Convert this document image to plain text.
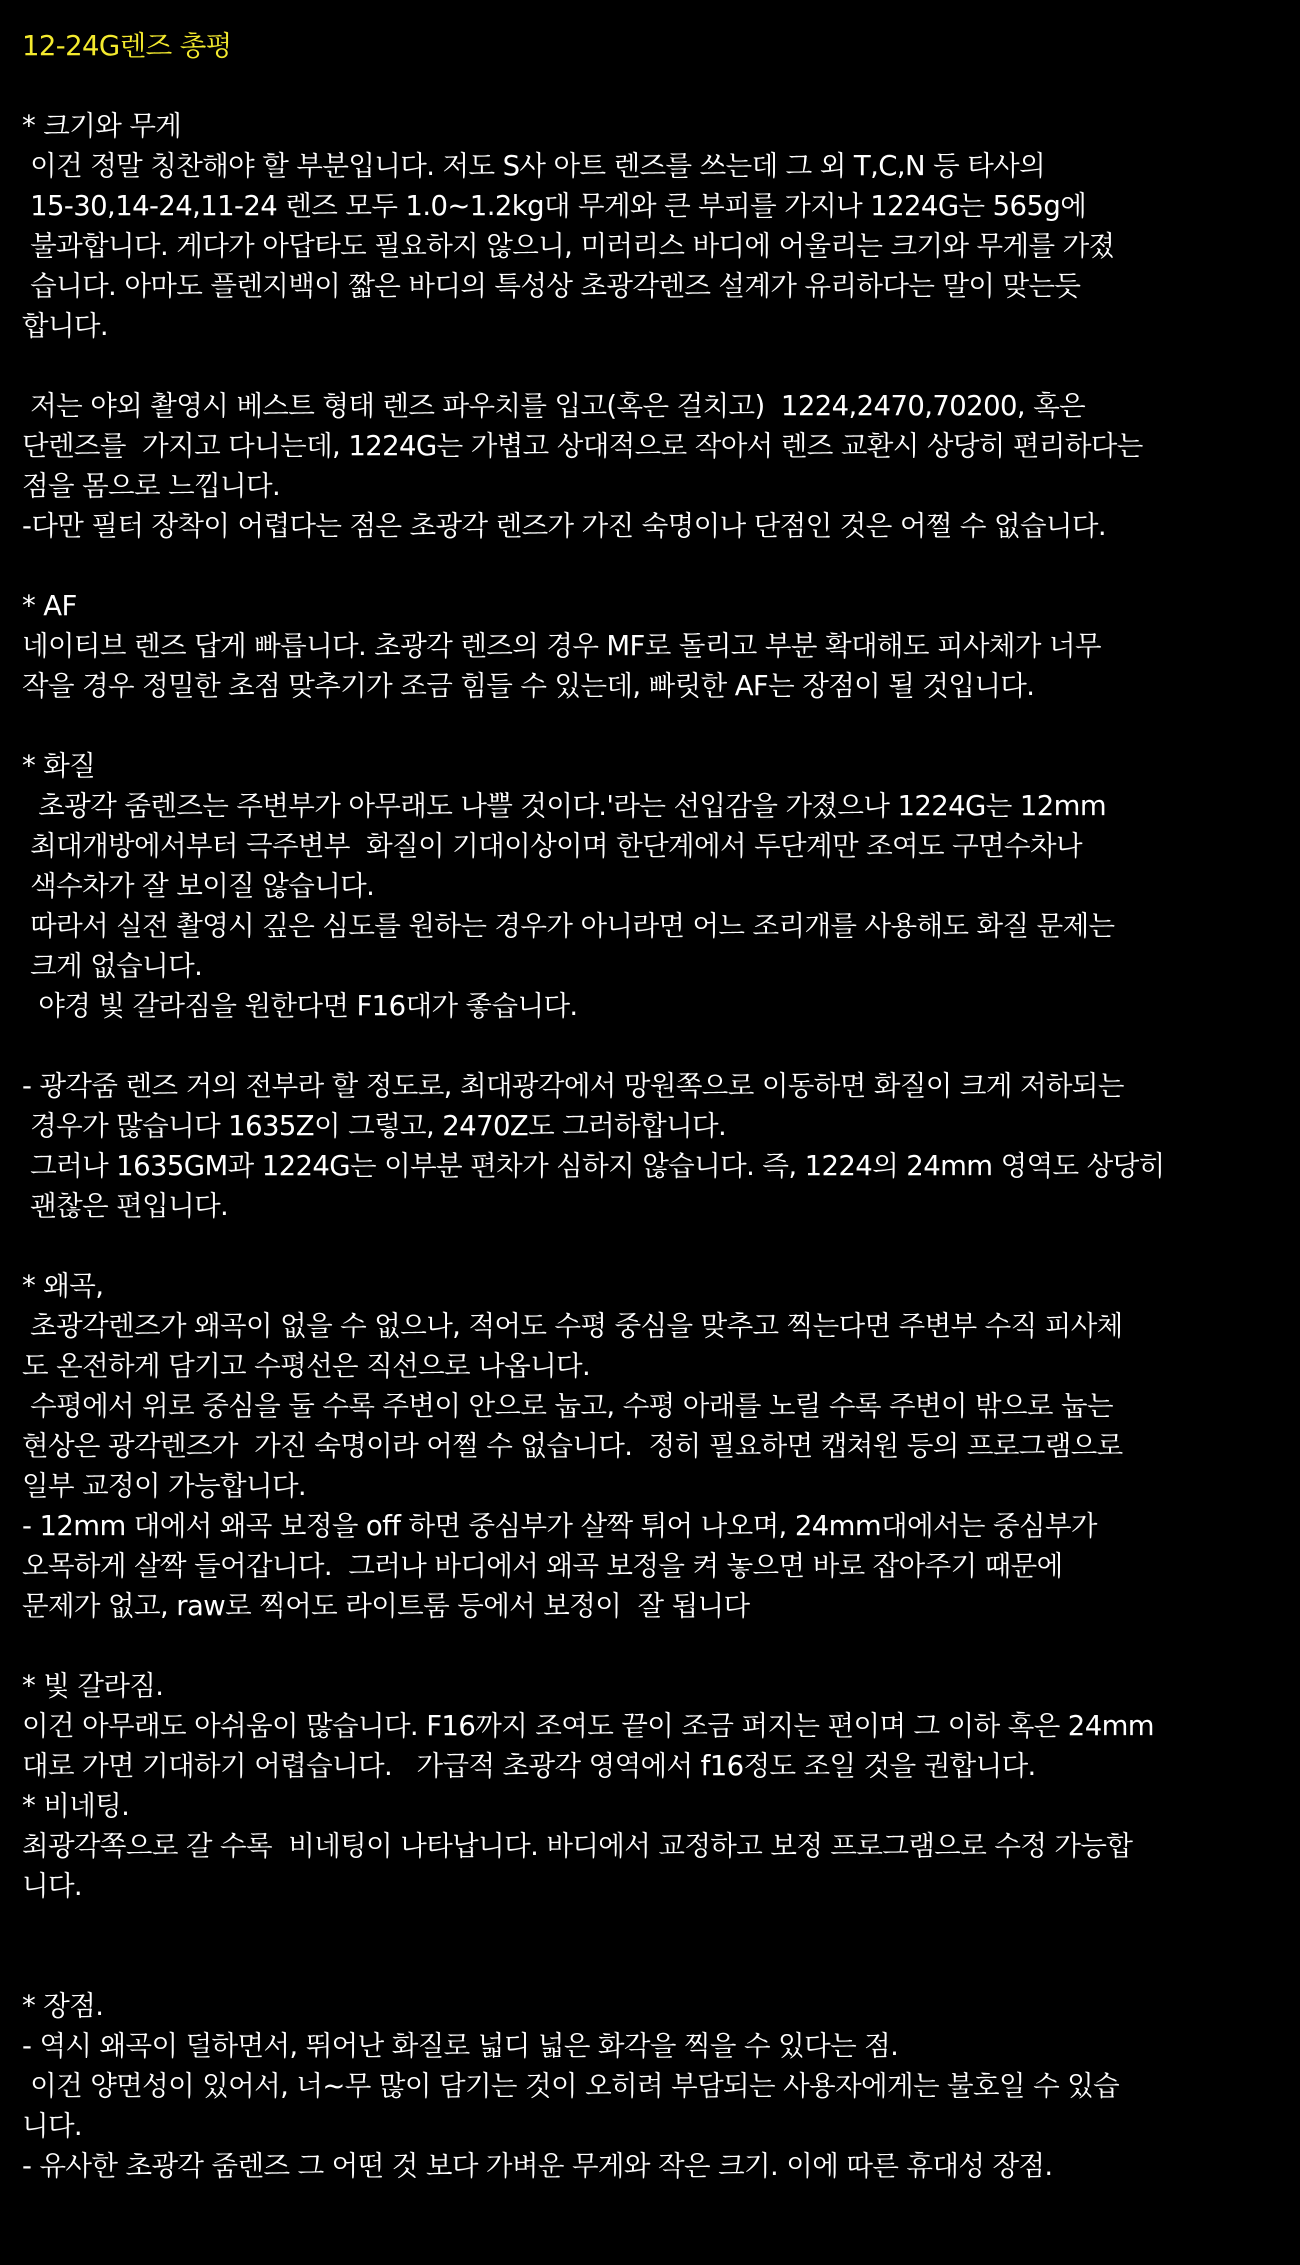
12-24G렌즈 총평
* 크기와 무게
이건 정말 칭찬해야 할 부분입니다. 저도 S사 아트 렌즈를 쓰는데 그 외 T,C,N 등 타사의
15-30,14-24,11-24 렌즈 모두 1.0~1.2kg대 무게와 큰 부피를 가지나 1224G는 565g에
불과합니다. 게다가 아답타도 필요하지 않으니, 미러리스 바디에 어울리는 크기와 무게를 가졌
습니다. 아마도 플렌지백이 짧은 바디의 특성상 초광각렌즈 설계가 유리하다는 말이 맞는듯
합니다.
저는 야외 촬영시 베스트 형태 렌즈 파우치를 입고(혹은 걸치고)  1224,2470,70200, 혹은
단렌즈를  가지고 다니는데, 1224G는 가볍고 상대적으로 작아서 렌즈 교환시 상당히 편리하다는
점을 몸으로 느낍니다.
-다만 필터 장착이 어렵다는 점은 초광각 렌즈가 가진 숙명이나 단점인 것은 어쩔 수 없습니다.
* AF
네이티브 렌즈 답게 빠릅니다. 초광각 렌즈의 경우 MF로 돌리고 부분 확대해도 피사체가 너무
작을 경우 정밀한 초점 맞추기가 조금 힘들 수 있는데, 빠릿한 AF는 장점이 될 것입니다.
* 화질
초광각 줌렌즈는 주변부가 아무래도 나쁠 것이다.'라는 선입감을 가졌으나 1224G는 12mm
최대개방에서부터 극주변부  화질이 기대이상이며 한단계에서 두단계만 조여도 구면수차나
색수차가 잘 보이질 않습니다.
따라서 실전 촬영시 깊은 심도를 원하는 경우가 아니라면 어느 조리개를 사용해도 화질 문제는
크게 없습니다.
야경 빛 갈라짐을 원한다면 F16대가 좋습니다.
- 광각줌 렌즈 거의 전부라 할 정도로, 최대광각에서 망원쪽으로 이동하면 화질이 크게 저하되는
경우가 많습니다 1635Z이 그렇고, 2470Z도 그러하합니다.
그러나 1635GM과 1224G는 이부분 편차가 심하지 않습니다. 즉, 1224의 24mm 영역도 상당히
괜찮은 편입니다.
* 왜곡,
초광각렌즈가 왜곡이 없을 수 없으나, 적어도 수평 중심을 맞추고 찍는다면 주변부 수직 피사체
도 온전하게 담기고 수평선은 직선으로 나옵니다.
수평에서 위로 중심을 둘 수록 주변이 안으로 눕고, 수평 아래를 노릴 수록 주변이 밖으로 눕는
현상은 광각렌즈가  가진 숙명이라 어쩔 수 없습니다.  정히 필요하면 캡쳐원 등의 프로그램으로
일부 교정이 가능합니다.
- 12mm 대에서 왜곡 보정을 off 하면 중심부가 살짝 튀어 나오며, 24mm대에서는 중심부가
오목하게 살짝 들어갑니다.  그러나 바디에서 왜곡 보정을 켜 놓으면 바로 잡아주기 때문에
문제가 없고, raw로 찍어도 라이트룸 등에서 보정이  잘 됩니다
* 빛 갈라짐.
이건 아무래도 아쉬움이 많습니다. F16까지 조여도 끝이 조금 퍼지는 편이며 그 이하 혹은 24mm
대로 가면 기대하기 어렵습니다.   가급적 초광각 영역에서 f16정도 조일 것을 권합니다.
* 비네팅.
최광각쪽으로 갈 수록  비네팅이 나타납니다. 바디에서 교정하고 보정 프로그램으로 수정 가능합
니다.
* 장점.
- 역시 왜곡이 덜하면서, 뛰어난 화질로 넓디 넓은 화각을 찍을 수 있다는 점.
이건 양면성이 있어서, 너~무 많이 담기는 것이 오히려 부담되는 사용자에게는 불호일 수 있습
니다.
- 유사한 초광각 줌렌즈 그 어떤 것 보다 가벼운 무게와 작은 크기. 이에 따른 휴대성 장점.
